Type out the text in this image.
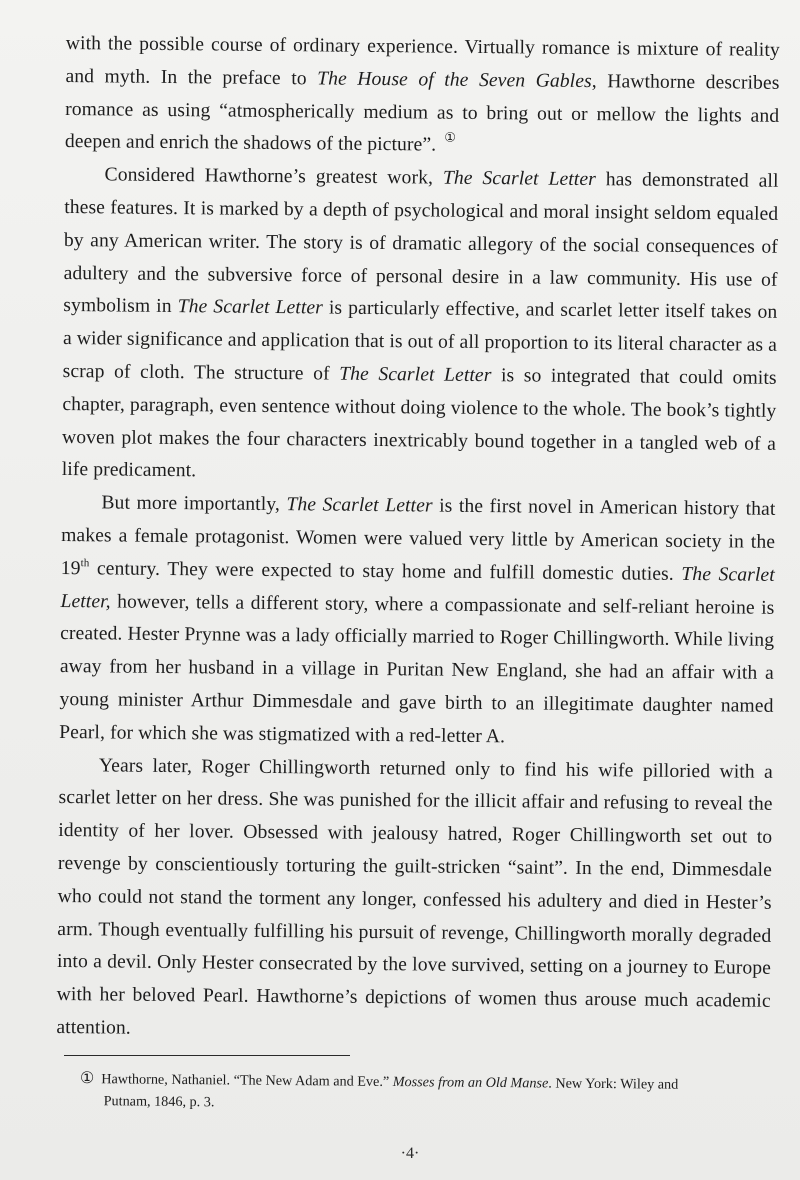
with the possible course of ordinary experience. Virtually romance is mixture of reality and myth. In the preface to The House of the Seven Gables, Hawthorne describes romance as using “atmospherically medium as to bring out or mellow the lights and deepen and enrich the shadows of the picture”. ①

Considered Hawthorne’s greatest work, The Scarlet Letter has demonstrated all these features. It is marked by a depth of psychological and moral insight seldom equaled by any American writer. The story is of dramatic allegory of the social consequences of adultery and the subversive force of personal desire in a law community. His use of symbolism in The Scarlet Letter is particularly effective, and scarlet letter itself takes on a wider significance and application that is out of all proportion to its literal character as a scrap of cloth. The structure of The Scarlet Letter is so integrated that could omits chapter, paragraph, even sentence without doing violence to the whole. The book’s tightly woven plot makes the four characters inextricably bound together in a tangled web of a life predicament.

But more importantly, The Scarlet Letter is the first novel in American history that makes a female protagonist. Women were valued very little by American society in the 19th century. They were expected to stay home and fulfill domestic duties. The Scarlet Letter, however, tells a different story, where a compassionate and self-reliant heroine is created. Hester Prynne was a lady officially married to Roger Chillingworth. While living away from her husband in a village in Puritan New England, she had an affair with a young minister Arthur Dimmesdale and gave birth to an illegitimate daughter named Pearl, for which she was stigmatized with a red-letter A.

Years later, Roger Chillingworth returned only to find his wife pilloried with a scarlet letter on her dress. She was punished for the illicit affair and refusing to reveal the identity of her lover. Obsessed with jealousy hatred, Roger Chillingworth set out to revenge by conscientiously torturing the guilt-stricken “saint”. In the end, Dimmesdale who could not stand the torment any longer, confessed his adultery and died in Hester’s arm. Though eventually fulfilling his pursuit of revenge, Chillingworth morally degraded into a devil. Only Hester consecrated by the love survived, setting on a journey to Europe with her beloved Pearl. Hawthorne’s depictions of women thus arouse much academic attention.

① Hawthorne, Nathaniel. “The New Adam and Eve.” Mosses from an Old Manse. New York: Wiley and
Putnam, 1846, p. 3.
·4·
